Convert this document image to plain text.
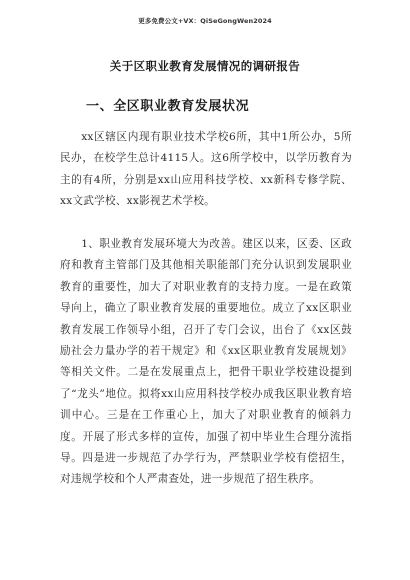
更多免费公文+VX：QiSeGongWen2024
关于区职业教育发展情况的调研报告
一、全区职业教育发展状况

xx区辖区内现有职业技术学校6所，其中1所公办，5所民办，在校学生总计4115人。这6所学校中，以学历教育为主的有4所，分别是xx山应用科技学校、xx新科专修学院、xx文武学校、xx影视艺术学校。

1、职业教育发展环境大为改善。建区以来，区委、区政府和教育主管部门及其他相关职能部门充分认识到发展职业教育的重要性，加大了对职业教育的支持力度。一是在政策导向上，确立了职业教育发展的重要地位。成立了xx区职业教育发展工作领导小组，召开了专门会议，出台了《xx区鼓励社会力量办学的若干规定》和《xx区职业教育发展规划》等相关文件。二是在发展重点上，把骨干职业学校建设提到了“龙头”地位。拟将xx山应用科技学校办成我区职业教育培训中心。三是在工作重心上，加大了对职业教育的倾斜力度。开展了形式多样的宣传，加强了初中毕业生合理分流指导。四是进一步规范了办学行为，严禁职业学校有偿招生，对违规学校和个人严肃查处，进一步规范了招生秩序。
